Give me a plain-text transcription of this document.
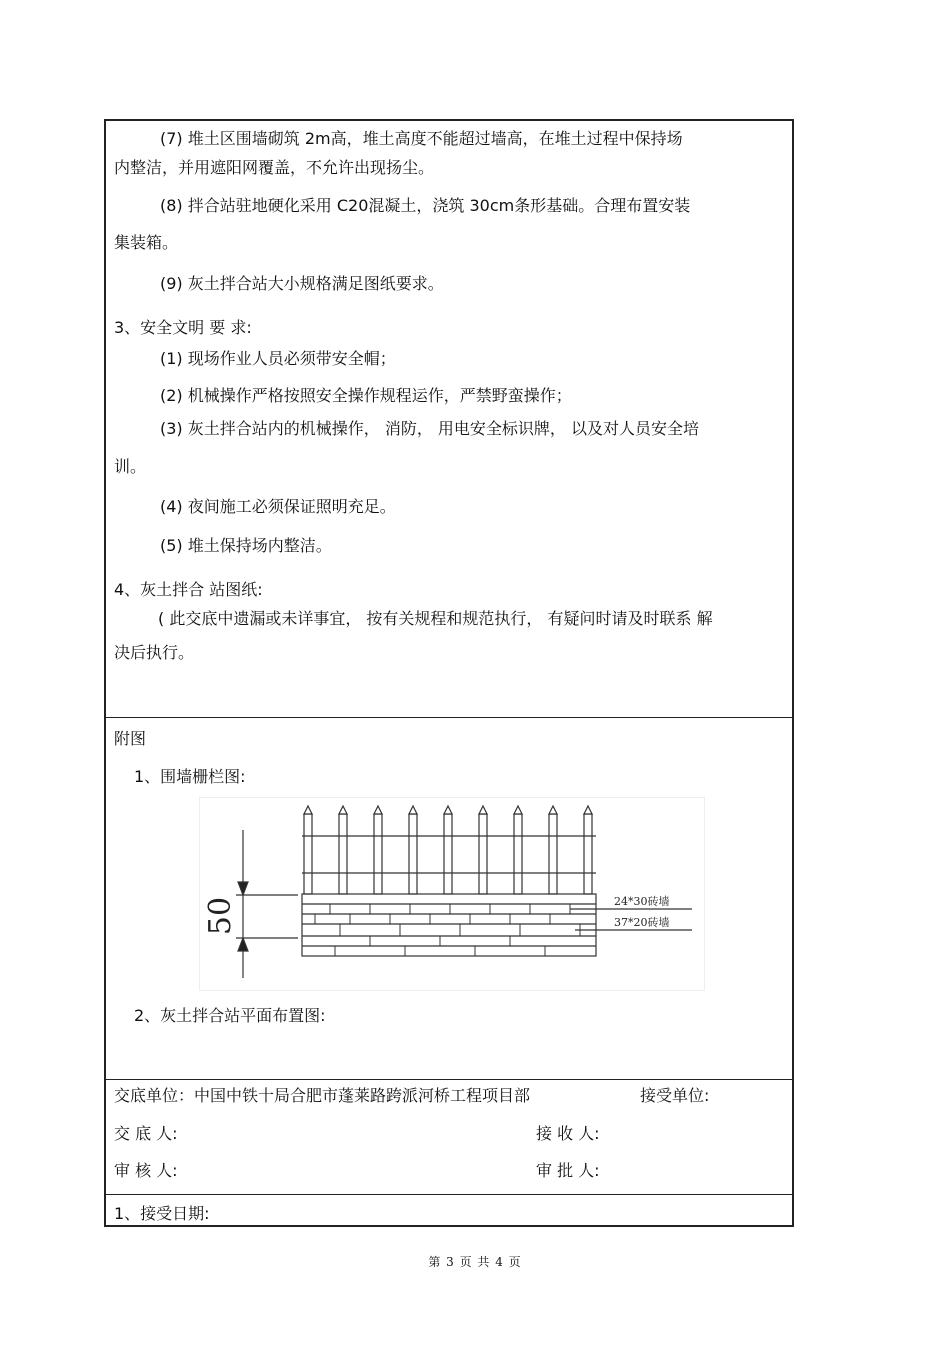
(7) 堆土区围墙砌筑 2m高，堆土高度不能超过墙高，在堆土过程中保持场
内整洁，并用遮阳网覆盖，不允许出现扬尘。
(8) 拌合站驻地硬化采用 C20混凝土，浇筑 30cm条形基础。合理布置安装
集装箱。
(9) 灰土拌合站大小规格满足图纸要求。
3、安全文明 要 求:
(1) 现场作业人员必须带安全帽；
(2) 机械操作严格按照安全操作规程运作，严禁野蛮操作；
(3) 灰土拌合站内的机械操作， 消防， 用电安全标识牌， 以及对人员安全培
训。
(4) 夜间施工必须保证照明充足。
(5) 堆土保持场内整洁。
4、灰土拌合 站图纸:
( 此交底中遗漏或未详事宜， 按有关规程和规范执行， 有疑问时请及时联系 解
决后执行。
附图
1、围墙栅栏图:
50	24*30砖墙
37*20砖墙
2、灰土拌合站平面布置图:
交底单位：中国中铁十局合肥市蓬莱路跨派河桥工程项目部	接受单位:
交 底 人:	接 收 人:
审 核 人:	审 批 人:
1、接受日期:
第 3 页 共 4 页
